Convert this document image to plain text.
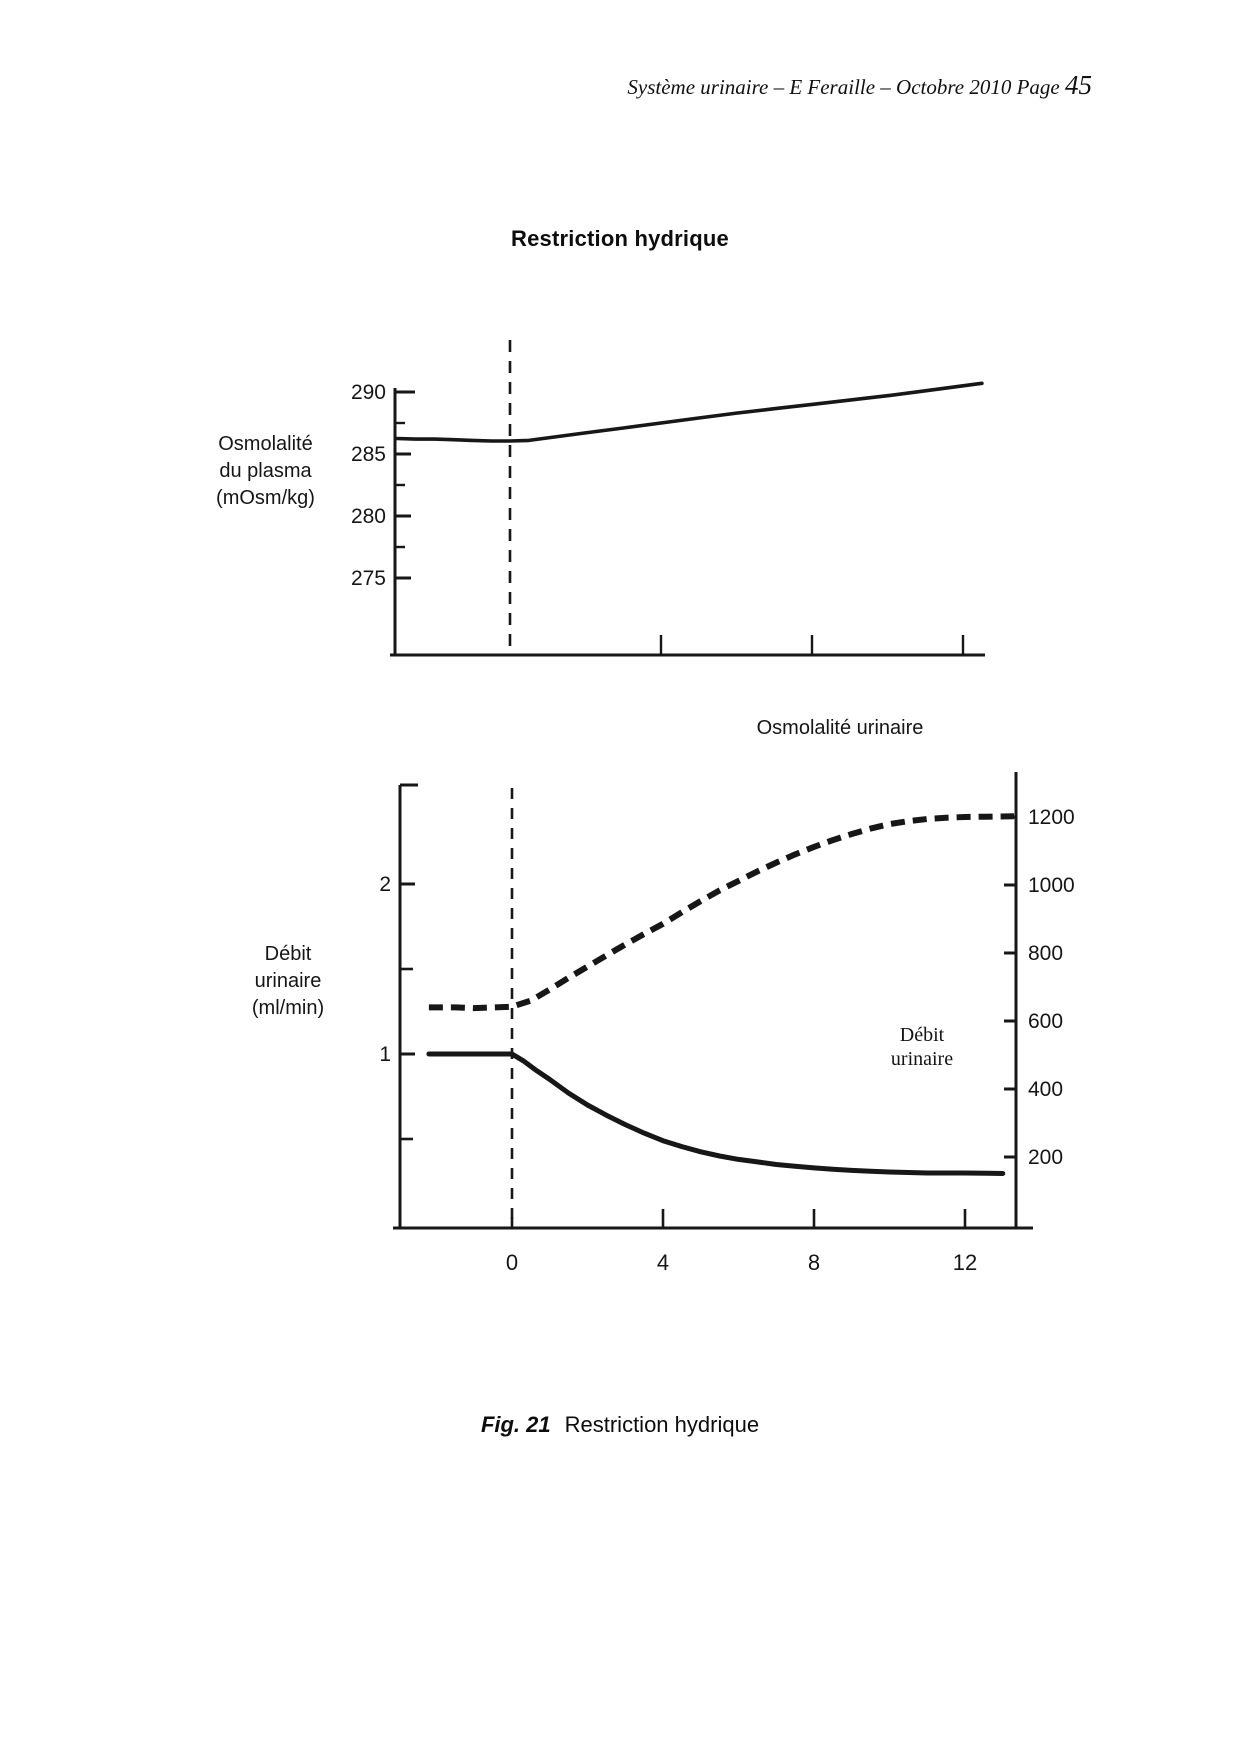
Système urinaire – E Feraille – Octobre 2010 Page 45
Restriction hydrique
Osmolalité
du plasma
(mOsm/kg)
275
280
285
290
Osmolalité urinaire
Débit
urinaire
(ml/min)
1
2
200
400
600
800
1000
1200
0	4	8	12
Débit
urinaire
Fig. 21 Restriction hydrique
